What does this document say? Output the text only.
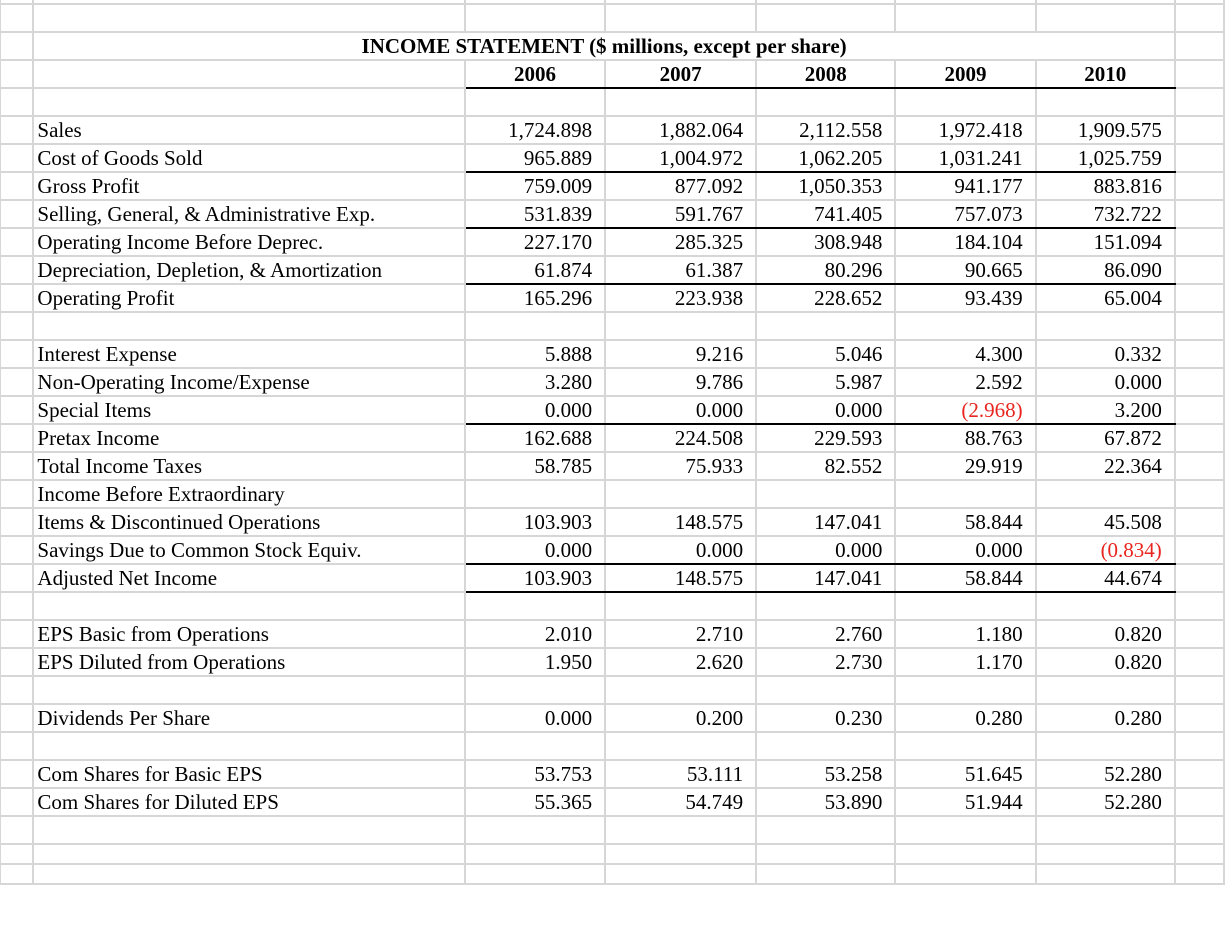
	INCOME STATEMENT ($ millions, except per share)						
		2006	2007	2008	2009	2010	

	Sales	1,724.898	1,882.064	2,112.558	1,972.418	1,909.575	
	Cost of Goods Sold	965.889	1,004.972	1,062.205	1,031.241	1,025.759	
	Gross Profit	759.009	877.092	1,050.353	941.177	883.816	
	Selling, General, & Administrative Exp.	531.839	591.767	741.405	757.073	732.722	
	Operating Income Before Deprec.	227.170	285.325	308.948	184.104	151.094	
	Depreciation, Depletion, & Amortization	61.874	61.387	80.296	90.665	86.090	
	Operating Profit	165.296	223.938	228.652	93.439	65.004	

	Interest Expense	5.888	9.216	5.046	4.300	0.332	
	Non-Operating Income/Expense	3.280	9.786	5.987	2.592	0.000	
	Special Items	0.000	0.000	0.000	(2.968)	3.200	
	Pretax Income	162.688	224.508	229.593	88.763	67.872	
	Total Income Taxes	58.785	75.933	82.552	29.919	22.364	
	Income Before Extraordinary						
	Items & Discontinued Operations	103.903	148.575	147.041	58.844	45.508	
	Savings Due to Common Stock Equiv.	0.000	0.000	0.000	0.000	(0.834)	
	Adjusted Net Income	103.903	148.575	147.041	58.844	44.674	

	EPS Basic from Operations	2.010	2.710	2.760	1.180	0.820	
	EPS Diluted from Operations	1.950	2.620	2.730	1.170	0.820	

	Dividends Per Share	0.000	0.200	0.230	0.280	0.280	

	Com Shares for Basic EPS	53.753	53.111	53.258	51.645	52.280	
	Com Shares for Diluted EPS	55.365	54.749	53.890	51.944	52.280	
